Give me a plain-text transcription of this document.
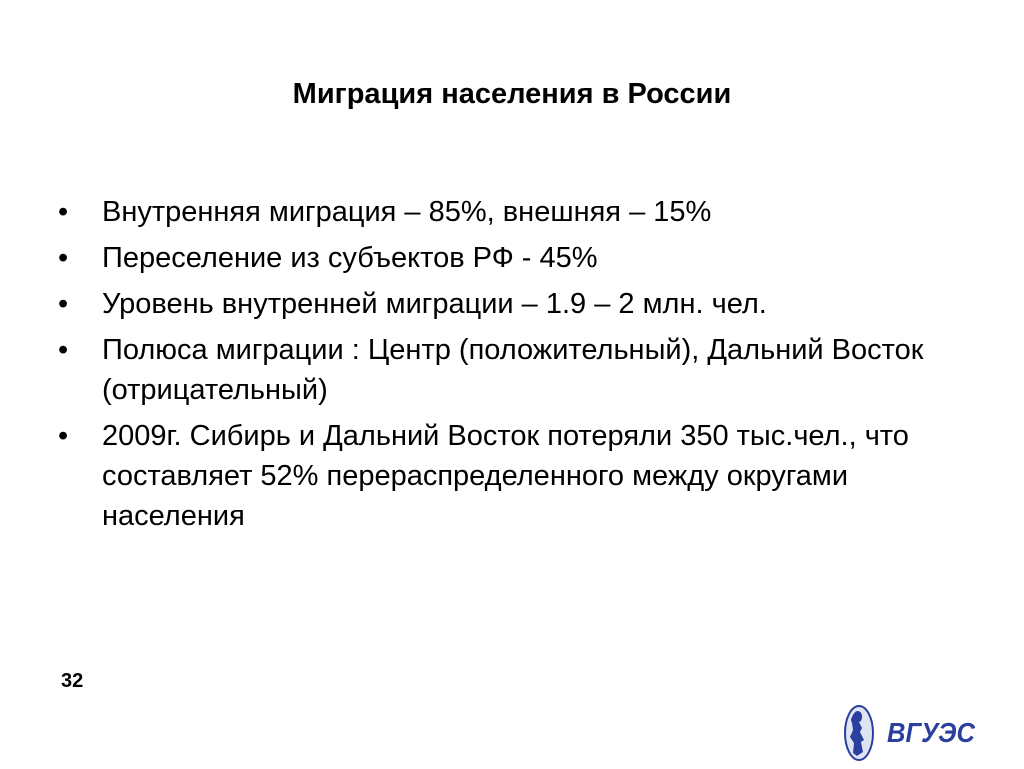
Миграция населения в России
• Внутренняя миграция – 85%, внешняя – 15%
• Переселение из субъектов РФ - 45%
• Уровень внутренней миграции – 1.9 – 2 млн. чел.
• Полюса миграции : Центр (положительный), Дальний Восток (отрицательный)
• 2009г. Сибирь и Дальний Восток потеряли 350 тыс.чел., что составляет 52% перераспределенного между округами населения
32
ВГУЭС
